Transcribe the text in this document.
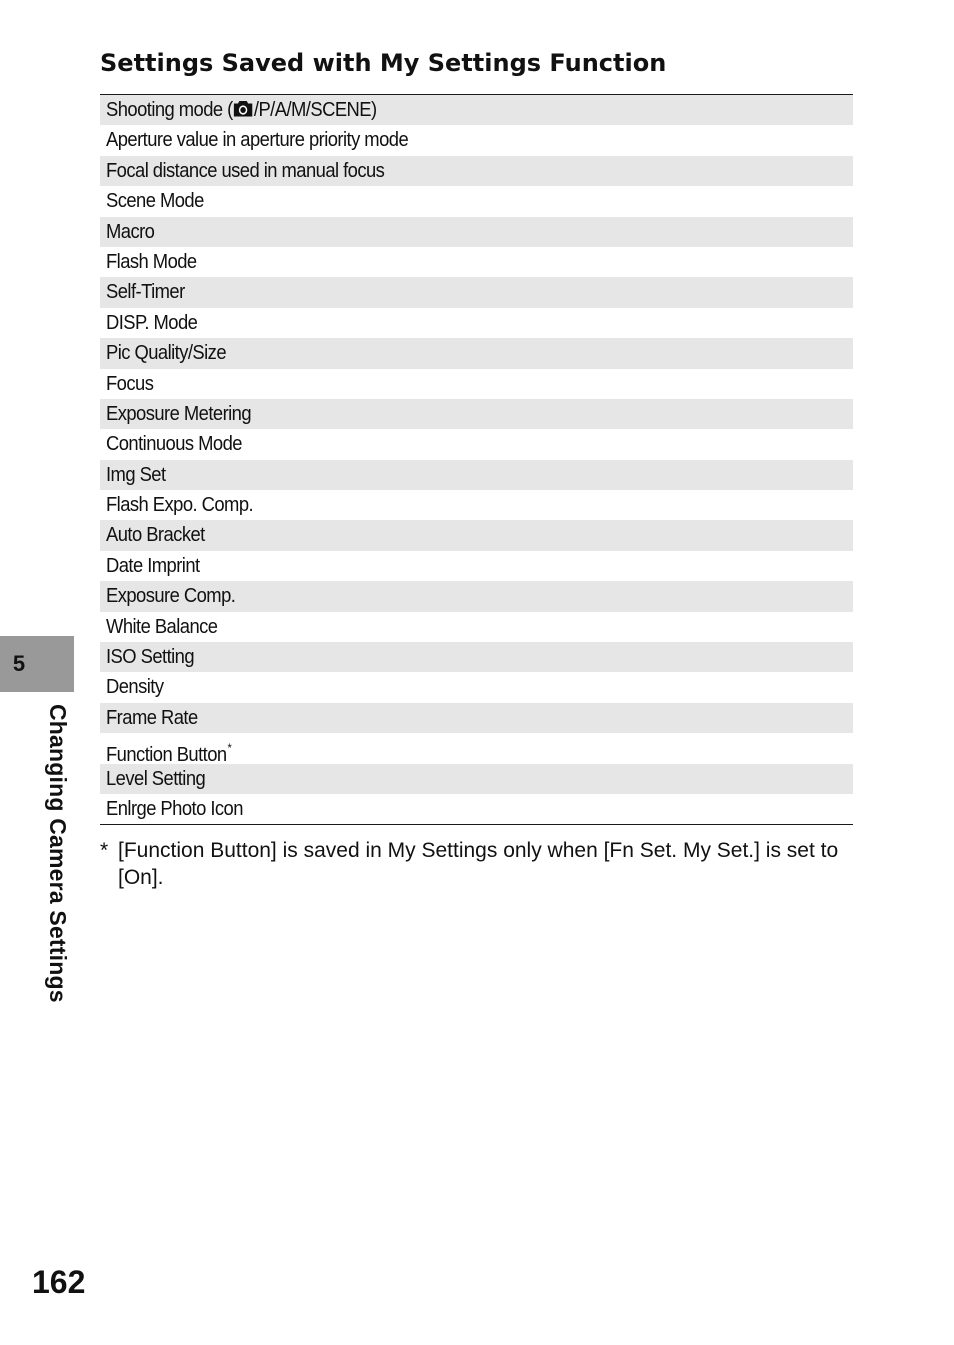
Settings Saved with My Settings Function
Shooting mode ( /P/A/M/SCENE)
Aperture value in aperture priority mode
Focal distance used in manual focus
Scene Mode
Macro
Flash Mode
Self-Timer
DISP. Mode
Pic Quality/Size
Focus
Exposure Metering
Continuous Mode
Img Set
Flash Expo. Comp.
Auto Bracket
Date Imprint
Exposure Comp.
White Balance
ISO Setting
Density
Frame Rate
Function Button*
Level Setting
Enlrge Photo Icon
* [Function Button] is saved in My Settings only when [Fn Set. My Set.] is set to [On].
5
Changing Camera Settings
162
